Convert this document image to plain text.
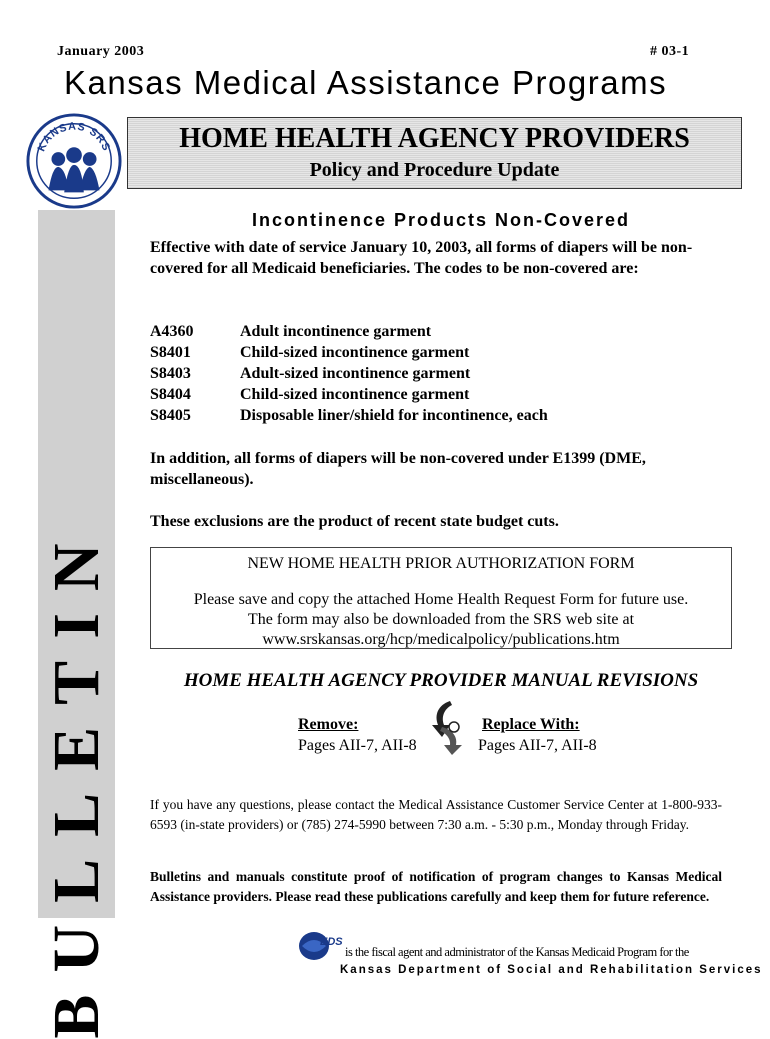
January 2003	# 03-1
Kansas Medical Assistance Programs
KANSAS SRS	HOME HEALTH AGENCY PROVIDERS
Policy and Procedure Update
BULLETIN
Incontinence Products Non-Covered
Effective with date of service January 10, 2003, all forms of diapers will be non-covered for all Medicaid beneficiaries. The codes to be non-covered are:
A4360	Adult incontinence garment
S8401	Child-sized incontinence garment
S8403	Adult-sized incontinence garment
S8404	Child-sized incontinence garment
S8405	Disposable liner/shield for incontinence, each
In addition, all forms of diapers will be non-covered under E1399 (DME, miscellaneous).
These exclusions are the product of recent state budget cuts.
NEW HOME HEALTH PRIOR AUTHORIZATION FORM
Please save and copy the attached Home Health Request Form for future use.
The form may also be downloaded from the SRS web site at
www.srskansas.org/hcp/medicalpolicy/publications.htm
HOME HEALTH AGENCY PROVIDER MANUAL REVISIONS
Remove:
Pages AII-7, AII-8
Replace With:
Pages AII-7, AII-8
If you have any questions, please contact the Medical Assistance Customer Service Center at 1-800-933-6593 (in-state providers) or (785) 274-5990 between 7:30 a.m. - 5:30 p.m., Monday through Friday.
Bulletins and manuals constitute proof of notification of program changes to Kansas Medical Assistance providers. Please read these publications carefully and keep them for future reference.
EDS
is the fiscal agent and administrator of the Kansas Medicaid Program for the
Kansas Department of Social and Rehabilitation Services
